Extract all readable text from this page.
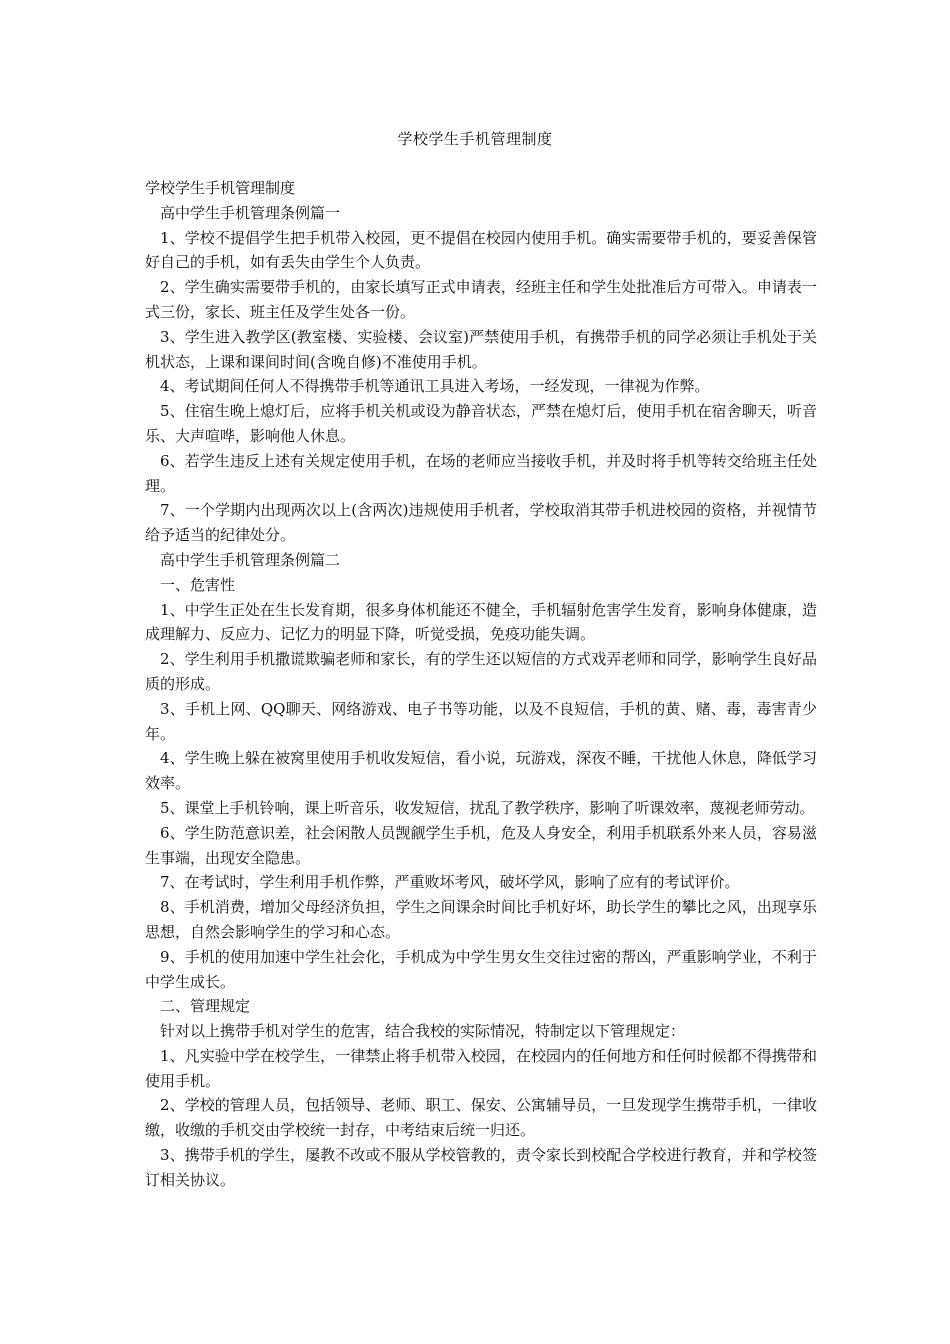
学校学生手机管理制度

学校学生手机管理制度

高中学生手机管理条例篇一

1、学校不提倡学生把手机带入校园，更不提倡在校园内使用手机。确实需要带手机的，要妥善保管好自己的手机，如有丢失由学生个人负责。

2、学生确实需要带手机的，由家长填写正式申请表，经班主任和学生处批准后方可带入。申请表一式三份，家长、班主任及学生处各一份。

3、学生进入教学区(教室楼、实验楼、会议室)严禁使用手机，有携带手机的同学必须让手机处于关机状态，上课和课间时间(含晚自修)不准使用手机。

4、考试期间任何人不得携带手机等通讯工具进入考场，一经发现，一律视为作弊。

5、住宿生晚上熄灯后，应将手机关机或设为静音状态，严禁在熄灯后，使用手机在宿舍聊天，听音乐、大声喧哗，影响他人休息。

6、若学生违反上述有关规定使用手机，在场的老师应当接收手机，并及时将手机等转交给班主任处理。

7、一个学期内出现两次以上(含两次)违规使用手机者，学校取消其带手机进校园的资格，并视情节给予适当的纪律处分。

高中学生手机管理条例篇二

一、危害性

1、中学生正处在生长发育期，很多身体机能还不健全，手机辐射危害学生发育，影响身体健康，造成理解力、反应力、记忆力的明显下降，听觉受损，免疫功能失调。

2、学生利用手机撒谎欺骗老师和家长，有的学生还以短信的方式戏弄老师和同学，影响学生良好品质的形成。

3、手机上网、QQ聊天、网络游戏、电子书等功能，以及不良短信，手机的黄、赌、毒，毒害青少年。

4、学生晚上躲在被窝里使用手机收发短信，看小说，玩游戏，深夜不睡，干扰他人休息，降低学习效率。

5、课堂上手机铃响，课上听音乐，收发短信，扰乱了教学秩序，影响了听课效率，蔑视老师劳动。

6、学生防范意识差，社会闲散人员觊觎学生手机，危及人身安全，利用手机联系外来人员，容易滋生事端，出现安全隐患。

7、在考试时，学生利用手机作弊，严重败坏考风，破坏学风，影响了应有的考试评价。

8、手机消费，增加父母经济负担，学生之间课余时间比手机好坏，助长学生的攀比之风，出现享乐思想，自然会影响学生的学习和心态。

9、手机的使用加速中学生社会化，手机成为中学生男女生交往过密的帮凶，严重影响学业，不利于中学生成长。

二、管理规定

针对以上携带手机对学生的危害，结合我校的实际情况，特制定以下管理规定：

1、凡实验中学在校学生，一律禁止将手机带入校园，在校园内的任何地方和任何时候都不得携带和使用手机。

2、学校的管理人员，包括领导、老师、职工、保安、公寓辅导员，一旦发现学生携带手机，一律收缴，收缴的手机交由学校统一封存，中考结束后统一归还。

3、携带手机的学生，屡教不改或不服从学校管教的，责令家长到校配合学校进行教育，并和学校签订相关协议。
